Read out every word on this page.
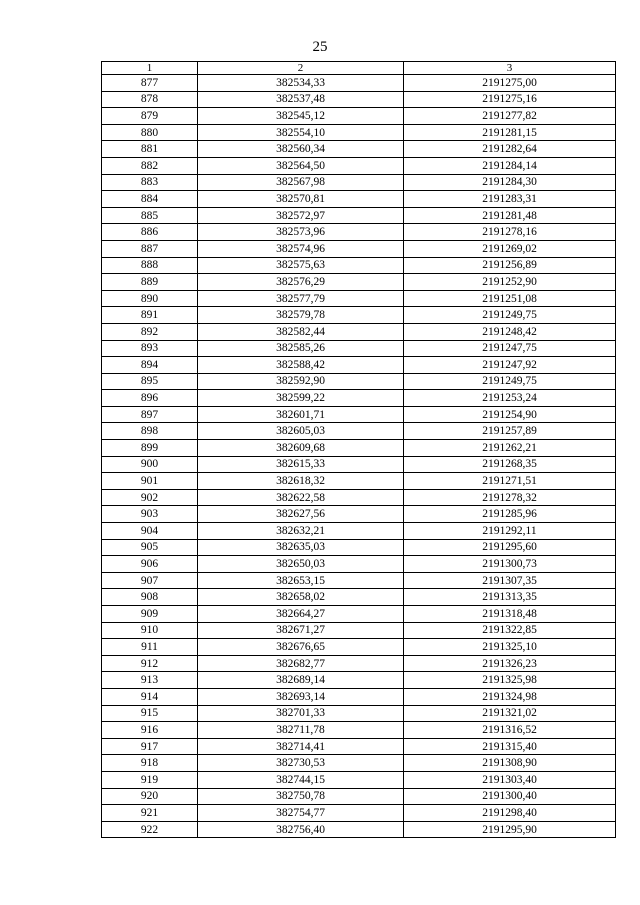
25
1	2	3
877	382534,33	2191275,00
878	382537,48	2191275,16
879	382545,12	2191277,82
880	382554,10	2191281,15
881	382560,34	2191282,64
882	382564,50	2191284,14
883	382567,98	2191284,30
884	382570,81	2191283,31
885	382572,97	2191281,48
886	382573,96	2191278,16
887	382574,96	2191269,02
888	382575,63	2191256,89
889	382576,29	2191252,90
890	382577,79	2191251,08
891	382579,78	2191249,75
892	382582,44	2191248,42
893	382585,26	2191247,75
894	382588,42	2191247,92
895	382592,90	2191249,75
896	382599,22	2191253,24
897	382601,71	2191254,90
898	382605,03	2191257,89
899	382609,68	2191262,21
900	382615,33	2191268,35
901	382618,32	2191271,51
902	382622,58	2191278,32
903	382627,56	2191285,96
904	382632,21	2191292,11
905	382635,03	2191295,60
906	382650,03	2191300,73
907	382653,15	2191307,35
908	382658,02	2191313,35
909	382664,27	2191318,48
910	382671,27	2191322,85
911	382676,65	2191325,10
912	382682,77	2191326,23
913	382689,14	2191325,98
914	382693,14	2191324,98
915	382701,33	2191321,02
916	382711,78	2191316,52
917	382714,41	2191315,40
918	382730,53	2191308,90
919	382744,15	2191303,40
920	382750,78	2191300,40
921	382754,77	2191298,40
922	382756,40	2191295,90
